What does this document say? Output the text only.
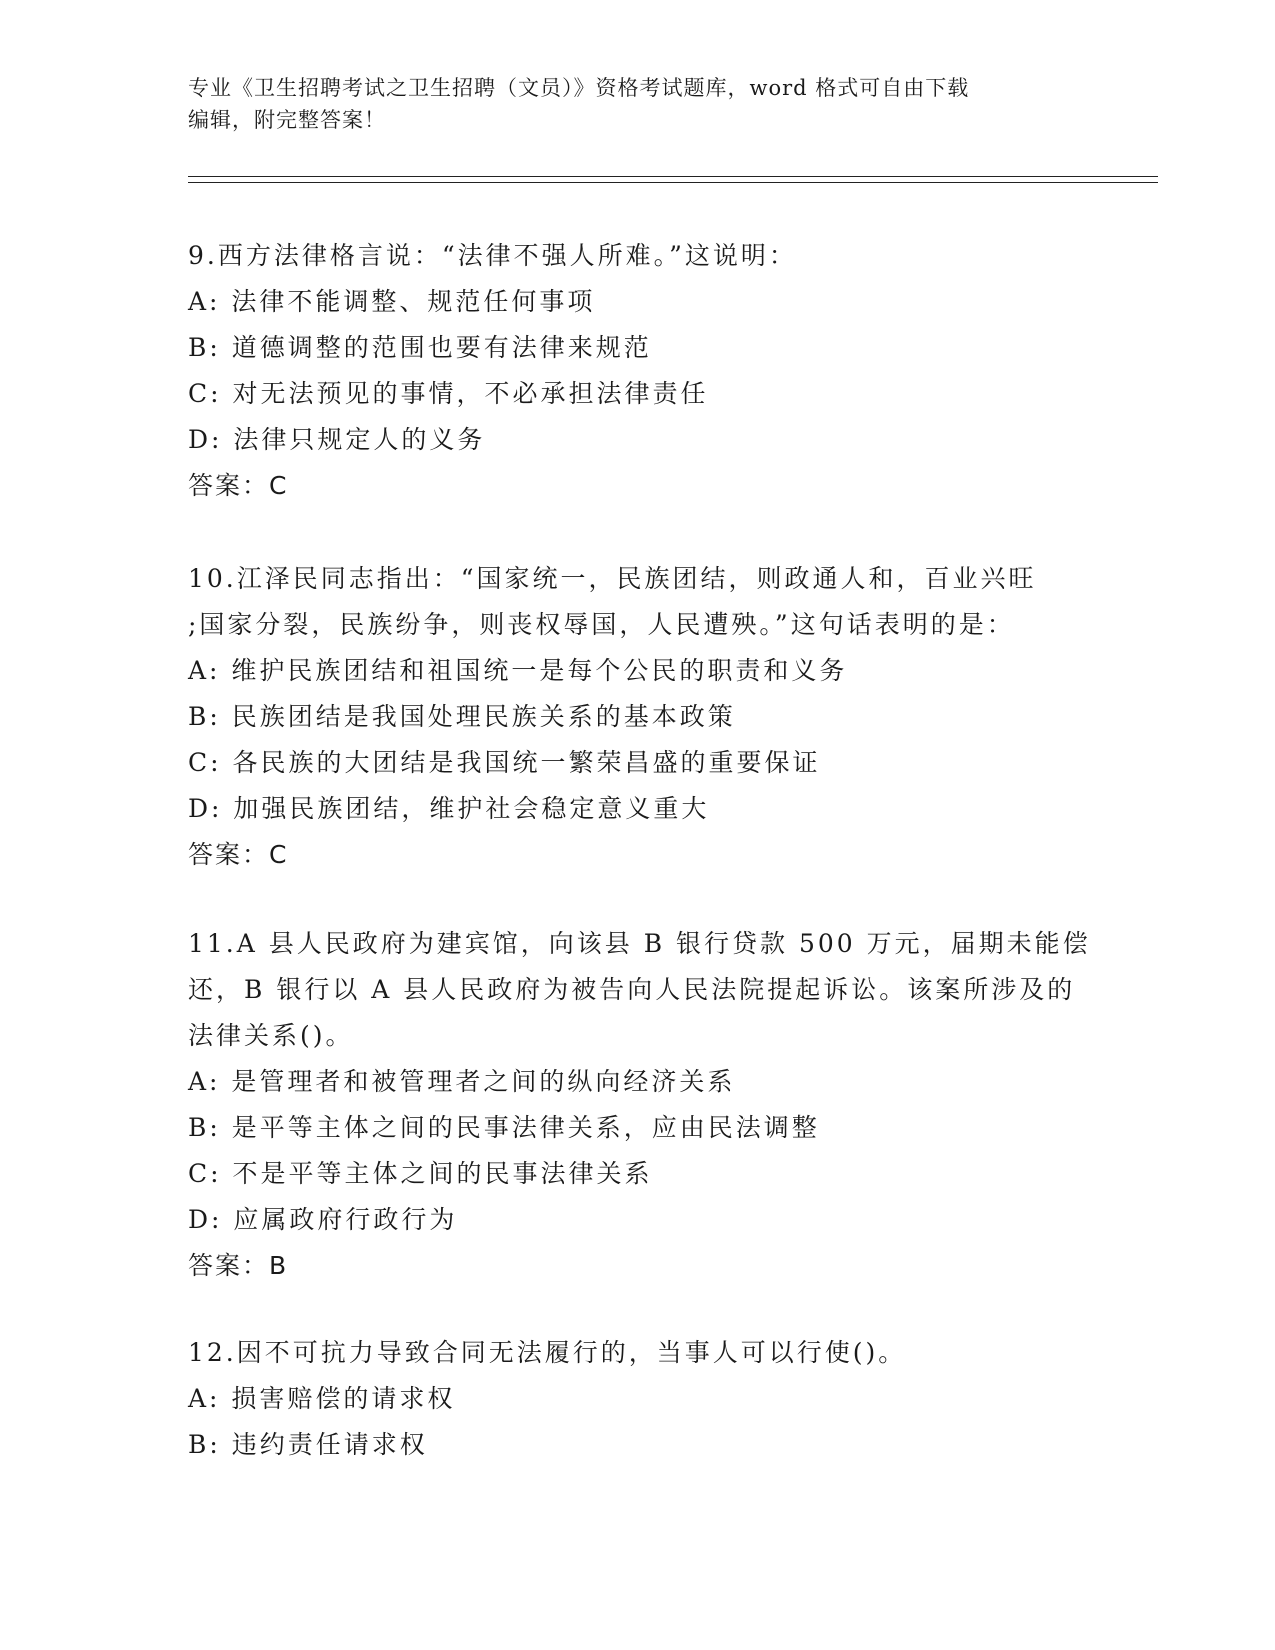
专业《卫生招聘考试之卫生招聘（文员）》资格考试题库，word 格式可自由下载
编辑，附完整答案！
9.西方法律格言说：“法律不强人所难。”这说明：
A: 法律不能调整、规范任何事项
B: 道德调整的范围也要有法律来规范
C: 对无法预见的事情，不必承担法律责任
D: 法律只规定人的义务
答案：C
10.江泽民同志指出：“国家统一，民族团结，则政通人和，百业兴旺
;国家分裂，民族纷争，则丧权辱国，人民遭殃。”这句话表明的是：
A: 维护民族团结和祖国统一是每个公民的职责和义务
B: 民族团结是我国处理民族关系的基本政策
C: 各民族的大团结是我国统一繁荣昌盛的重要保证
D: 加强民族团结，维护社会稳定意义重大
答案：C
11.A 县人民政府为建宾馆，向该县 B 银行贷款 500 万元，届期未能偿
还，B 银行以 A 县人民政府为被告向人民法院提起诉讼。该案所涉及的
法律关系()。
A: 是管理者和被管理者之间的纵向经济关系
B: 是平等主体之间的民事法律关系，应由民法调整
C: 不是平等主体之间的民事法律关系
D: 应属政府行政行为
答案：B
12.因不可抗力导致合同无法履行的，当事人可以行使()。
A: 损害赔偿的请求权
B: 违约责任请求权
